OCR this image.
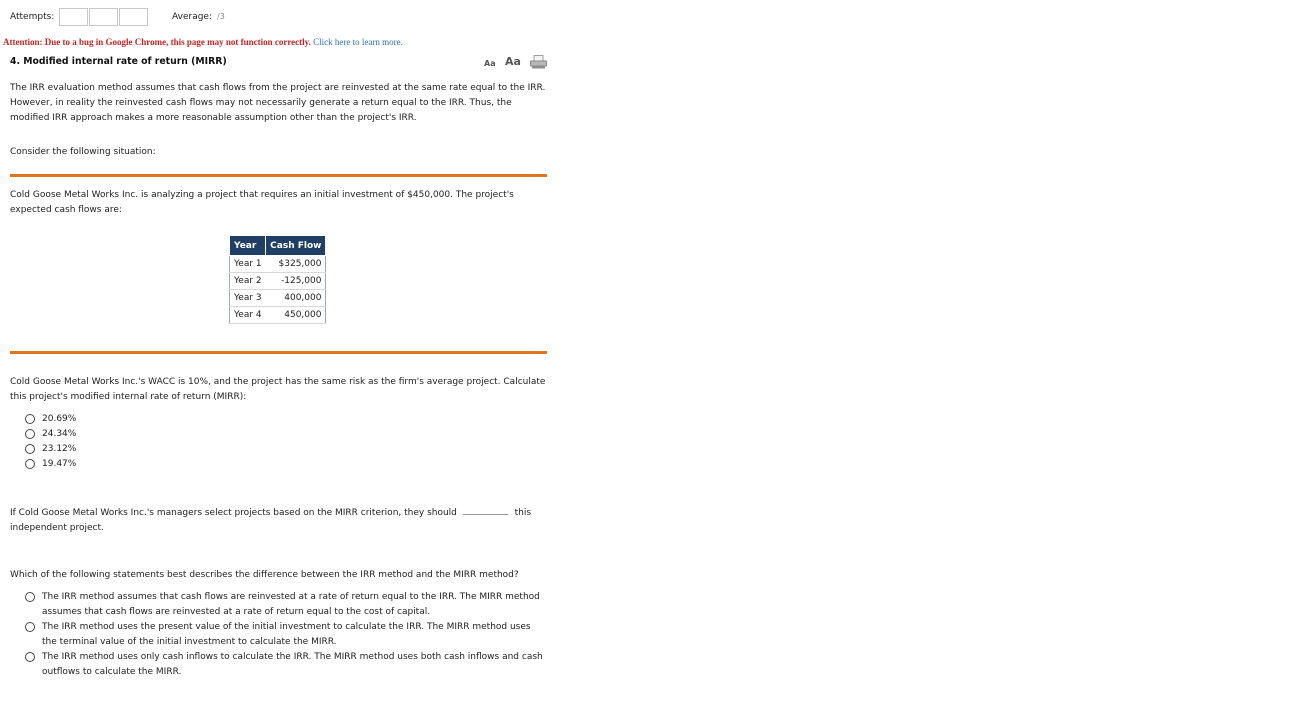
Attempts:	Average: /3
Attention: Due to a bug in Google Chrome, this page may not function correctly. Click here to learn more.
4. Modified internal rate of return (MIRR)	Aa Aa
The IRR evaluation method assumes that cash flows from the project are reinvested at the same rate equal to the IRR. However, in reality the reinvested cash flows may not necessarily generate a return equal to the IRR. Thus, the modified IRR approach makes a more reasonable assumption other than the project's IRR.
Consider the following situation:
Cold Goose Metal Works Inc. is analyzing a project that requires an initial investment of $450,000. The project's expected cash flows are:
Year	Cash Flow
Year 1	$325,000
Year 2	-125,000
Year 3	400,000
Year 4	450,000
Cold Goose Metal Works Inc.'s WACC is 10%, and the project has the same risk as the firm's average project. Calculate this project's modified internal rate of return (MIRR):
20.69%
24.34%
23.12%
19.47%
If Cold Goose Metal Works Inc.'s managers select projects based on the MIRR criterion, they should	this
independent project.
Which of the following statements best describes the difference between the IRR method and the MIRR method?
The IRR method assumes that cash flows are reinvested at a rate of return equal to the IRR. The MIRR method assumes that cash flows are reinvested at a rate of return equal to the cost of capital.
The IRR method uses the present value of the initial investment to calculate the IRR. The MIRR method uses the terminal value of the initial investment to calculate the MIRR.
The IRR method uses only cash inflows to calculate the IRR. The MIRR method uses both cash inflows and cash outflows to calculate the MIRR.
